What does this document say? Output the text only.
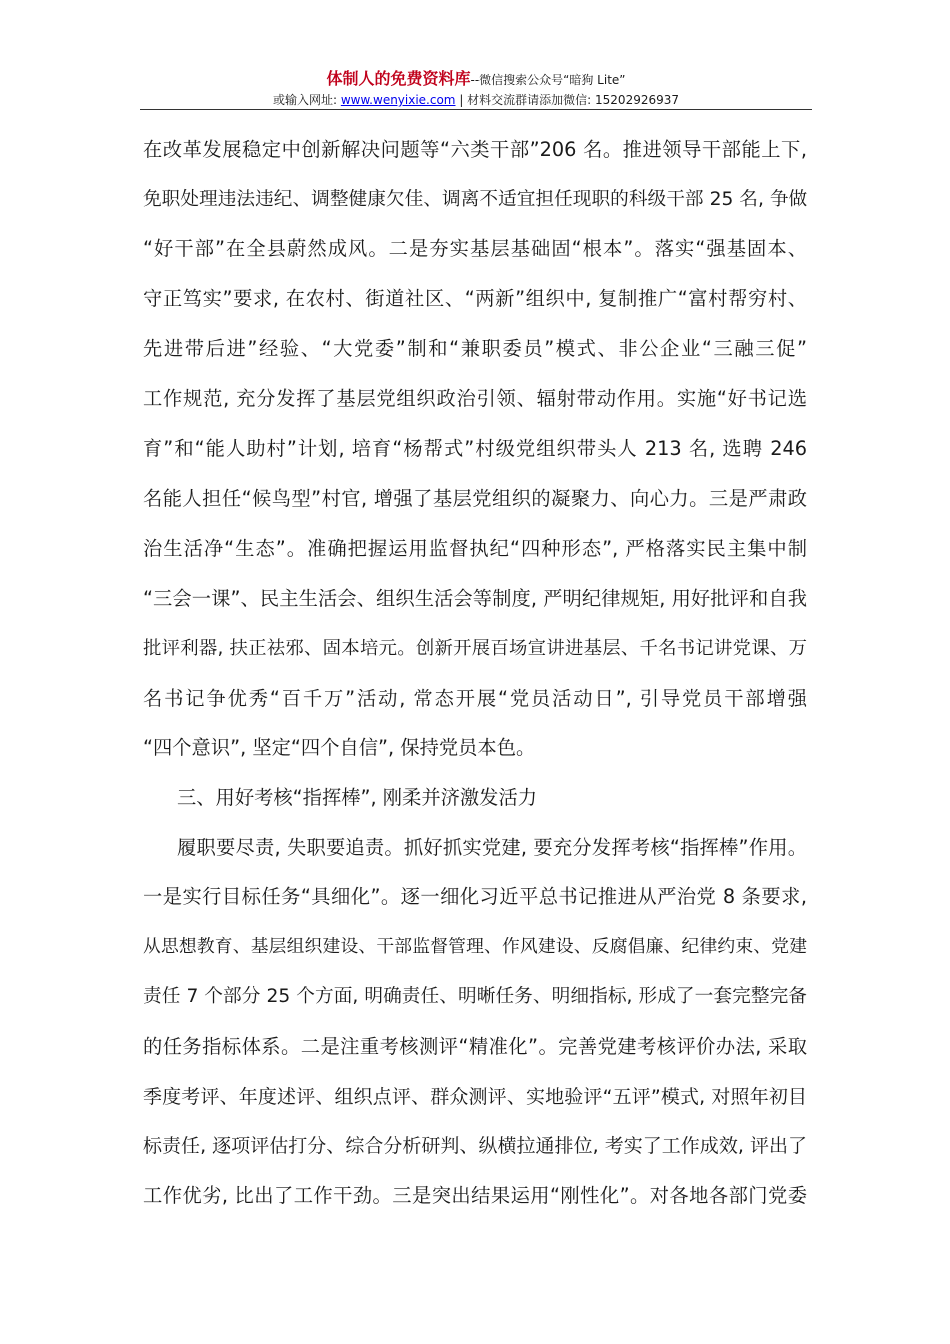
体制人的免费资料库--微信搜索公众号“暗狗 Lite”
或输入网址: www.wenyixie.com | 材料交流群请添加微信: 15202926937
在改革发展稳定中创新解决问题等“六类干部”206 名。推进领导干部能上下,
免职处理违法违纪、调整健康欠佳、调离不适宜担任现职的科级干部 25 名, 争做
“好干部”在全县蔚然成风。二是夯实基层基础固“根本”。落实“强基固本、
守正笃实”要求, 在农村、街道社区、“两新”组织中, 复制推广“富村帮穷村、
先进带后进”经验、“大党委”制和“兼职委员”模式、非公企业“三融三促”
工作规范, 充分发挥了基层党组织政治引领、辐射带动作用。实施“好书记选
育”和“能人助村”计划, 培育“杨帮式”村级党组织带头人 213 名, 选聘 246
名能人担任“候鸟型”村官, 增强了基层党组织的凝聚力、向心力。三是严肃政
治生活净“生态”。准确把握运用监督执纪“四种形态”, 严格落实民主集中制
“三会一课”、民主生活会、组织生活会等制度, 严明纪律规矩, 用好批评和自我
批评利器, 扶正祛邪、固本培元。创新开展百场宣讲进基层、千名书记讲党课、万
名书记争优秀“百千万”活动, 常态开展“党员活动日”, 引导党员干部增强
“四个意识”, 坚定“四个自信”, 保持党员本色。
三、用好考核“指挥棒”, 刚柔并济激发活力
履职要尽责, 失职要追责。抓好抓实党建, 要充分发挥考核“指挥棒”作用。
一是实行目标任务“具细化”。逐一细化习近平总书记推进从严治党 8 条要求,
从思想教育、基层组织建设、干部监督管理、作风建设、反腐倡廉、纪律约束、党建
责任 7 个部分 25 个方面, 明确责任、明晰任务、明细指标, 形成了一套完整完备
的任务指标体系。二是注重考核测评“精准化”。完善党建考核评价办法, 采取
季度考评、年度述评、组织点评、群众测评、实地验评“五评”模式, 对照年初目
标责任, 逐项评估打分、综合分析研判、纵横拉通排位, 考实了工作成效, 评出了
工作优劣, 比出了工作干劲。三是突出结果运用“刚性化”。对各地各部门党委
